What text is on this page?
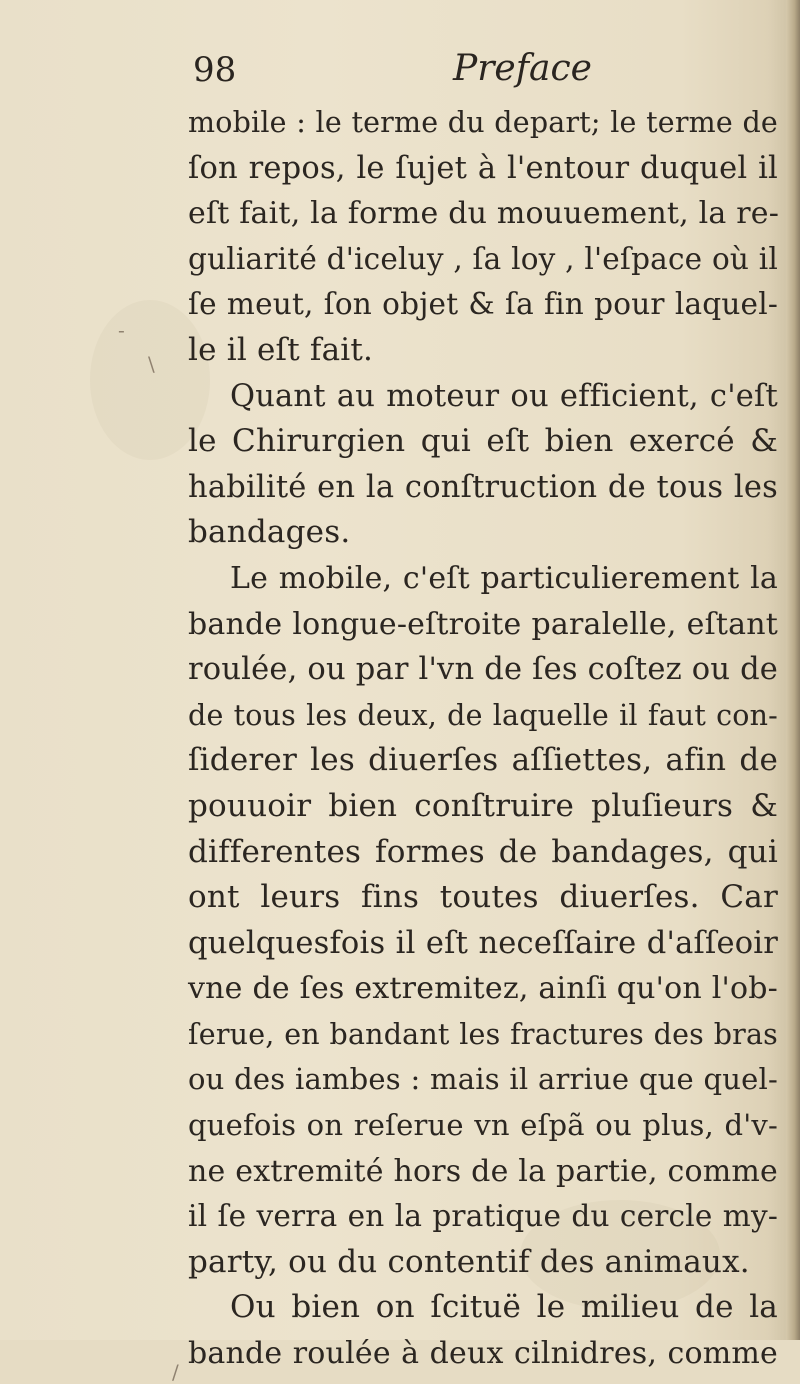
-
\
/
98	Preface
mobile : le terme du depart; le terme de
ſon repos, le ſujet à l'entour duquel il
eſt fait, la forme du mouuement, la re-
guliarité d'iceluy , ſa loy , l'eſpace où il
ſe meut, ſon objet & ſa fin pour laquel-
le il eſt fait.
Quant au moteur ou efficient, c'eſt
le Chirurgien qui eſt bien exercé &
habilité en la conſtruction de tous les
bandages.
Le mobile, c'eſt particulierement la
bande longue-eſtroite paralelle, eſtant
roulée, ou par l'vn de ſes coſtez ou de
de tous les deux, de laquelle il faut con-
ſiderer les diuerſes aſſiettes, afin de
pouuoir bien conſtruire pluſieurs &
differentes formes de bandages, qui
ont leurs fins toutes diuerſes. Car
quelquesfois il eſt neceſſaire d'aſſeoir
vne de ſes extremitez, ainſi qu'on l'ob-
ſerue, en bandant les fractures des bras
ou des iambes : mais il arriue que quel-
quefois on reſerue vn eſpã ou plus, d'v-
ne extremité hors de la partie, comme
il ſe verra en la pratique du cercle my-
party, ou du contentif des animaux.
Ou bien on ſcituë le milieu de la
bande roulée à deux cilnidres, comme
